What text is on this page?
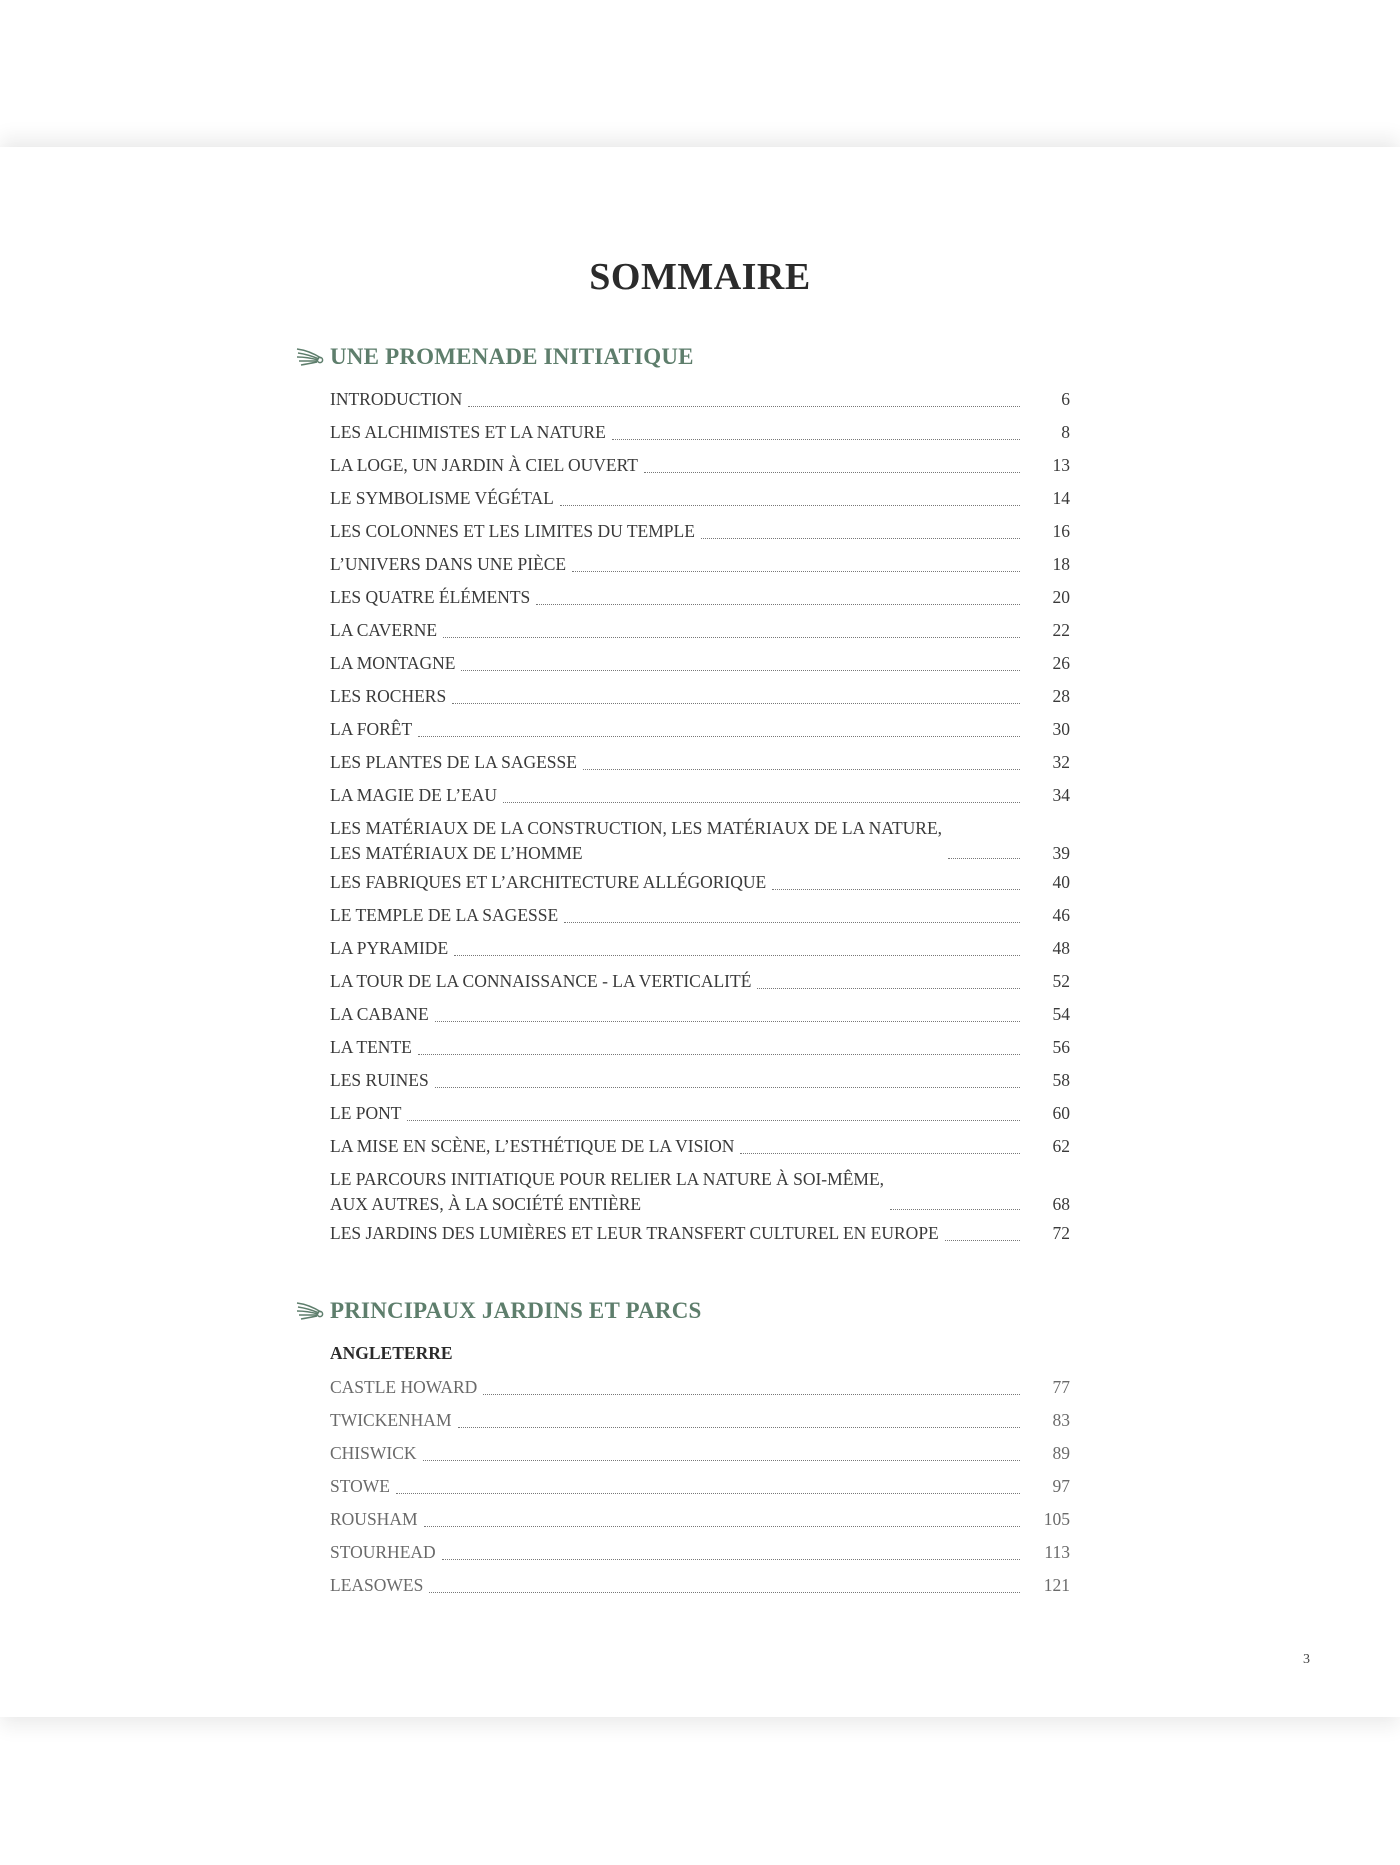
SOMMAIRE
UNE PROMENADE INITIATIQUE
INTRODUCTION	6
LES ALCHIMISTES ET LA NATURE	8
LA LOGE, UN JARDIN À CIEL OUVERT	13
LE SYMBOLISME VÉGÉTAL	14
LES COLONNES ET LES LIMITES DU TEMPLE	16
L’UNIVERS DANS UNE PIÈCE	18
LES QUATRE ÉLÉMENTS	20
LA CAVERNE	22
LA MONTAGNE	26
LES ROCHERS	28
LA FORÊT	30
LES PLANTES DE LA SAGESSE	32
LA MAGIE DE L’EAU	34
LES MATÉRIAUX DE LA CONSTRUCTION, LES MATÉRIAUX DE LA NATURE,
LES MATÉRIAUX DE L’HOMME	39
LES FABRIQUES ET L’ARCHITECTURE ALLÉGORIQUE	40
LE TEMPLE DE LA SAGESSE	46
LA PYRAMIDE	48
LA TOUR DE LA CONNAISSANCE - LA VERTICALITÉ	52
LA CABANE	54
LA TENTE	56
LES RUINES	58
LE PONT	60
LA MISE EN SCÈNE, L’ESTHÉTIQUE DE LA VISION	62
LE PARCOURS INITIATIQUE POUR RELIER LA NATURE À SOI-MÊME,
AUX AUTRES, À LA SOCIÉTÉ ENTIÈRE	68
LES JARDINS DES LUMIÈRES ET LEUR TRANSFERT CULTUREL EN EUROPE	72
PRINCIPAUX JARDINS ET PARCS
ANGLETERRE
CASTLE HOWARD	77
TWICKENHAM	83
CHISWICK	89
STOWE	97
ROUSHAM	105
STOURHEAD	113
LEASOWES	121
3
